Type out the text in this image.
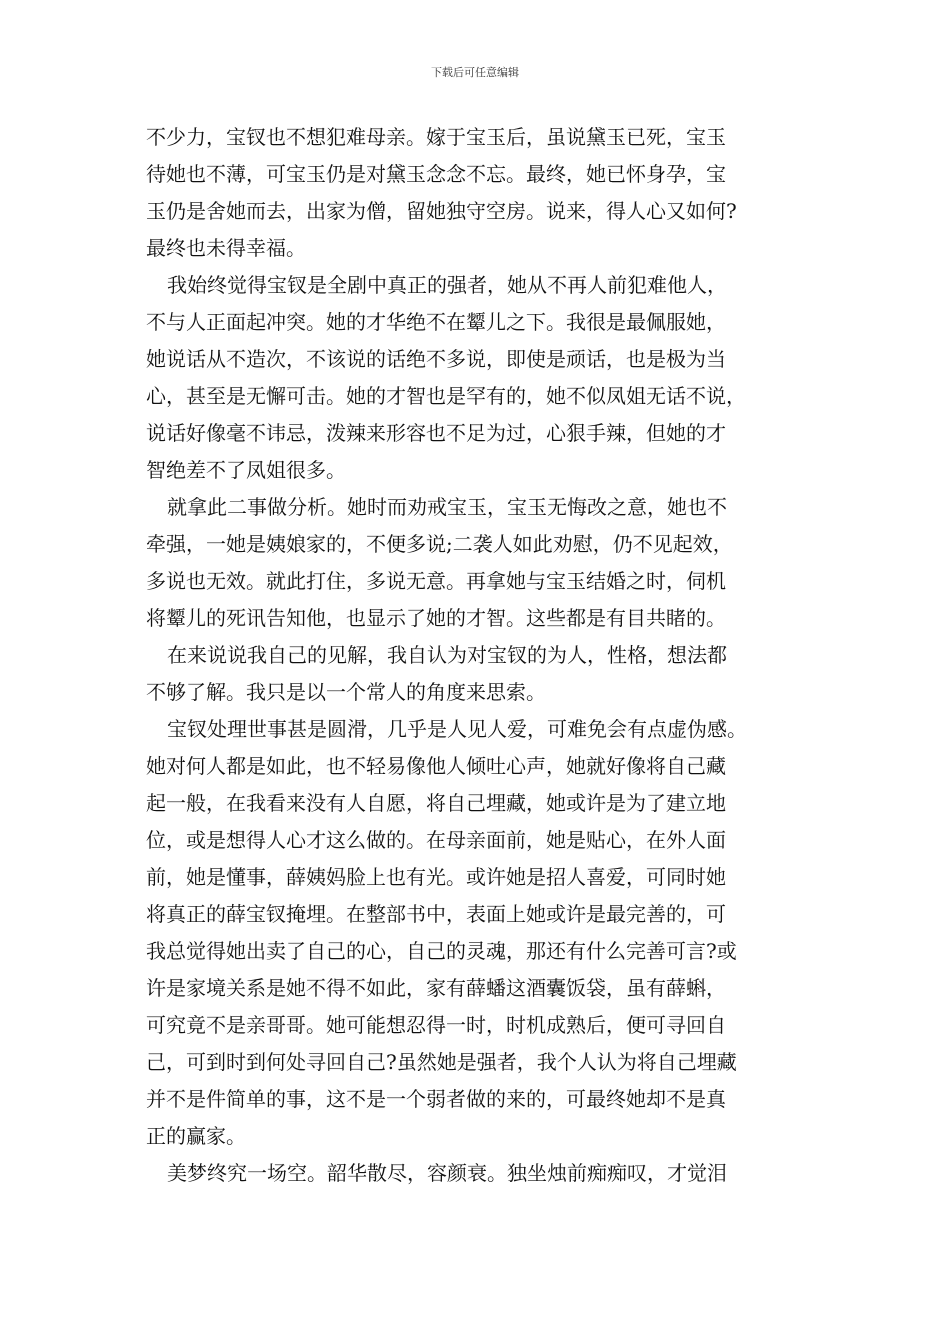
下载后可任意编辑
不少力，宝钗也不想犯难母亲。嫁于宝玉后，虽说黛玉已死，宝玉
待她也不薄，可宝玉仍是对黛玉念念不忘。最终，她已怀身孕，宝
玉仍是舍她而去，出家为僧，留她独守空房。说来，得人心又如何?
最终也未得幸福。
我始终觉得宝钗是全剧中真正的强者，她从不再人前犯难他人，
不与人正面起冲突。她的才华绝不在颦儿之下。我很是最佩服她，
她说话从不造次，不该说的话绝不多说，即使是顽话，也是极为当
心，甚至是无懈可击。她的才智也是罕有的，她不似凤姐无话不说，
说话好像毫不讳忌，泼辣来形容也不足为过，心狠手辣，但她的才
智绝差不了凤姐很多。
就拿此二事做分析。她时而劝戒宝玉，宝玉无悔改之意，她也不
牵强，一她是姨娘家的，不便多说;二袭人如此劝慰，仍不见起效，
多说也无效。就此打住，多说无意。再拿她与宝玉结婚之时，伺机
将颦儿的死讯告知他，也显示了她的才智。这些都是有目共睹的。
在来说说我自己的见解，我自认为对宝钗的为人，性格，想法都
不够了解。我只是以一个常人的角度来思索。
宝钗处理世事甚是圆滑，几乎是人见人爱，可难免会有点虚伪感。
她对何人都是如此，也不轻易像他人倾吐心声，她就好像将自己藏
起一般，在我看来没有人自愿，将自己埋藏，她或许是为了建立地
位，或是想得人心才这么做的。在母亲面前，她是贴心，在外人面
前，她是懂事，薛姨妈脸上也有光。或许她是招人喜爱，可同时她
将真正的薛宝钗掩埋。在整部书中，表面上她或许是最完善的，可
我总觉得她出卖了自己的心，自己的灵魂，那还有什么完善可言?或
许是家境关系是她不得不如此，家有薛蟠这酒囊饭袋，虽有薛蝌，
可究竟不是亲哥哥。她可能想忍得一时，时机成熟后，便可寻回自
己，可到时到何处寻回自己?虽然她是强者，我个人认为将自己埋藏
并不是件简单的事，这不是一个弱者做的来的，可最终她却不是真
正的赢家。
美梦终究一场空。韶华散尽，容颜衰。独坐烛前痴痴叹，才觉泪
